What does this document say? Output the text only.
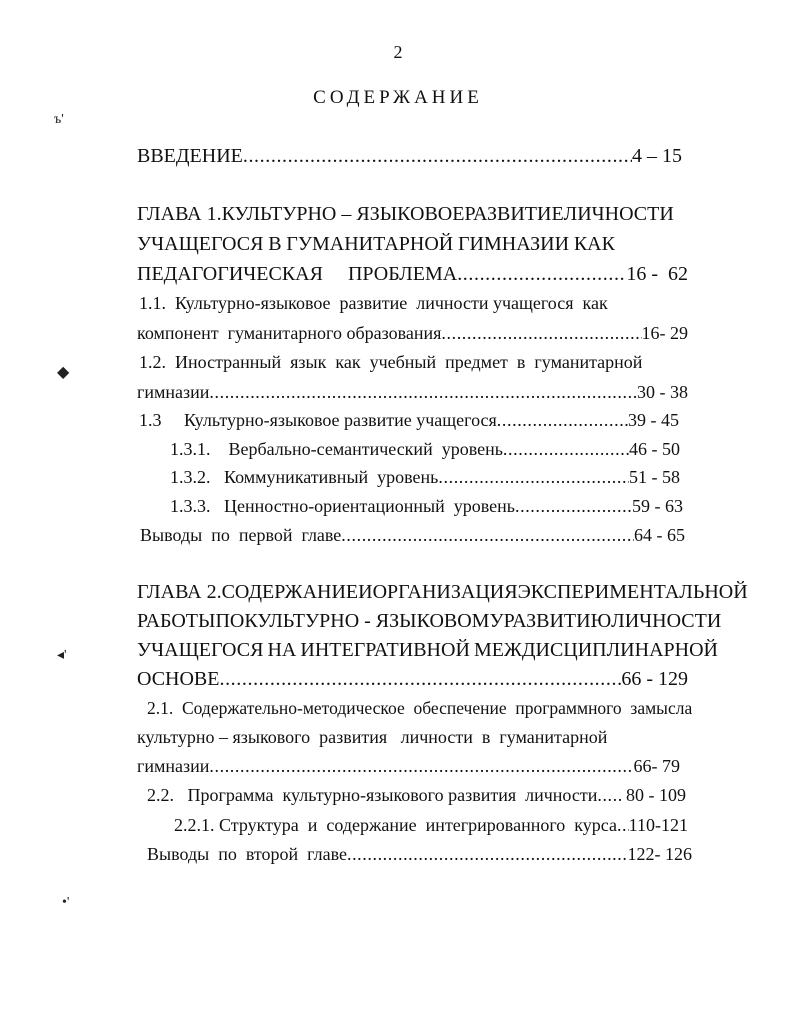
2
СОДЕРЖАНИЕ
ъ'
◆
◂'
•'
ВВЕДЕНИЕ .....	4 – 15
ГЛАВА 1. КУЛЬТУРНО – ЯЗЫКОВОЕ РАЗВИТИЕ ЛИЧНОСТИ
УЧАЩЕГОСЯ В ГУМАНИТАРНОЙ ГИМНАЗИИ КАК
ПЕДАГОГИЧЕСКАЯ     ПРОБЛЕМА .....	16 -  62
1.1.  Культурно-языковое  развитие  личности учащегося  как
компонент  гуманитарного образования .....	16- 29
1.2.  Иностранный  язык  как  учебный  предмет  в  гуманитарной
гимназии .....	30 - 38
1.3     Культурно-языковое развитие учащегося .....	39 - 45
1.3.1.    Вербально-семантический  уровень .....	46 - 50
1.3.2.   Коммуникативный  уровень .....	51 - 58
1.3.3.   Ценностно-ориентационный  уровень .....	59 - 63
Выводы  по  первой  главе .....	64 - 65
ГЛАВА 2. СОДЕРЖАНИЕ И ОРГАНИЗАЦИЯ ЭКСПЕРИМЕНТАЛЬНОЙ
РАБОТЫ ПО КУЛЬТУРНО - ЯЗЫКОВОМУ РАЗВИТИЮ ЛИЧНОСТИ
УЧАЩЕГОСЯ НА ИНТЕГРАТИВНОЙ МЕЖДИСЦИПЛИНАРНОЙ
ОСНОВЕ .....	66 - 129
2.1.  Содержательно-методическое  обеспечение  программного  замысла
культурно – языкового  развития   личности  в  гуманитарной
гимназии .....	66- 79
2.2.   Программа  культурно-языкового развития  личности ..... 80 - 109
2.2.1. Структура  и  содержание  интегрированного  курса ..... 110-121
Выводы  по  второй  главе .....	122- 126
